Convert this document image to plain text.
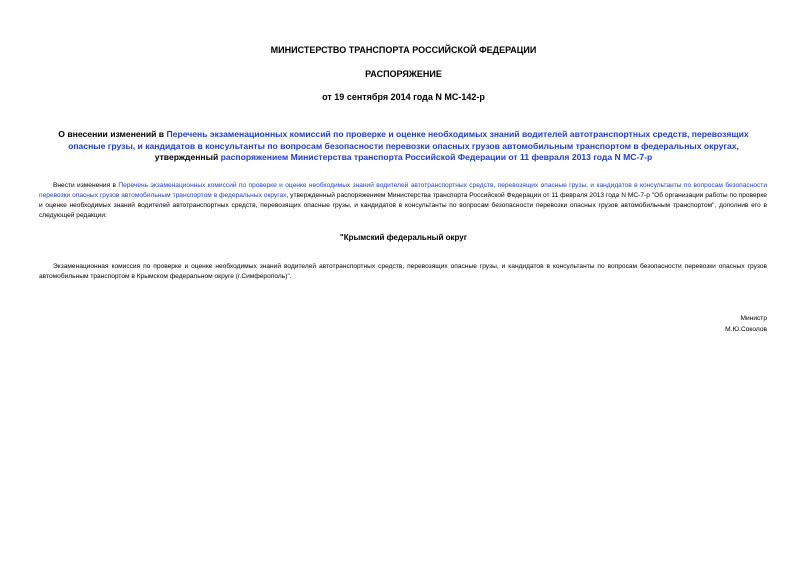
МИНИСТЕРСТВО ТРАНСПОРТА РОССИЙСКОЙ ФЕДЕРАЦИИ
РАСПОРЯЖЕНИЕ
от 19 сентября 2014 года N МС-142-р
О внесении изменений в Перечень экзаменационных комиссий по проверке и оценке необходимых знаний водителей автотранспортных средств, перевозящих опасные грузы, и кандидатов в консультанты по вопросам безопасности перевозки опасных грузов автомобильным транспортом в федеральных округах, утвержденный распоряжением Министерства транспорта Российской Федерации от 11 февраля 2013 года N МС-7-р
Внести изменения в Перечень экзаменационных комиссий по проверке и оценке необходимых знаний водителей автотранспортных средств, перевозящих опасные грузы, и кандидатов в консультанты по вопросам безопасности перевозки опасных грузов автомобильным транспортом в федеральных округах, утвержденный распоряжением Министерства транспорта Российской Федерации от 11 февраля 2013 года N МС-7-р "Об организации работы по проверке и оценке необходимых знаний водителей автотранспортных средств, перевозящих опасные грузы, и кандидатов в консультанты по вопросам безопасности перевозки опасных грузов автомобильным транспортом", дополнив его в следующей редакции:
"Крымский федеральный округ
Экзаменационная комиссия по проверке и оценке необходимых знаний водителей автотранспортных средств, перевозящих опасные грузы, и кандидатов в консультанты по вопросам безопасности перевозки опасных грузов автомобильным транспортом в Крымском федеральном округе (г.Симферополь)".
Министр
М.Ю.Соколов
